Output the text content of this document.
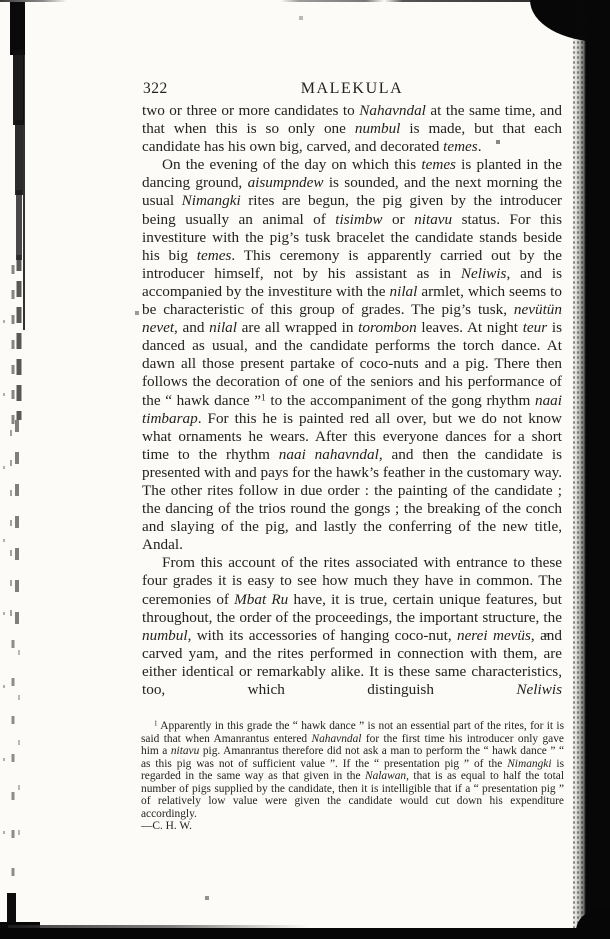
322	MALEKULA

two or three or more candidates to Nahavndal at the same time, and that when this is so only one numbul is made, but that each candidate has his own big, carved, and decorated temes.

On the evening of the day on which this temes is planted in the dancing ground, aisumpndew is sounded, and the next morning the usual Nimangki rites are begun, the pig given by the introducer being usually an animal of tisimbw or nitavu status. For this investiture with the pig’s tusk bracelet the candidate stands beside his big temes. This ceremony is apparently carried out by the introducer himself, not by his assistant as in Neliwis, and is accompanied by the investiture with the nilal armlet, which seems to be characteristic of this group of grades. The pig’s tusk, nevütün nevet, and nilal are all wrapped in torombon leaves. At night teur is danced as usual, and the candidate performs the torch dance. At dawn all those present partake of coco-nuts and a pig. There then follows the decoration of one of the seniors and his performance of the “ hawk dance ”$^1$ to the accompaniment of the gong rhythm naai timbarap. For this he is painted red all over, but we do not know what ornaments he wears. After this everyone dances for a short time to the rhythm naai nahavndal, and then the candidate is presented with and pays for the hawk’s feather in the customary way. The other rites follow in due order : the painting of the candidate ; the dancing of the trios round the gongs ; the breaking of the conch and slaying of the pig, and lastly the conferring of the new title, Andal.

From this account of the rites associated with entrance to these four grades it is easy to see how much they have in common. The ceremonies of Mbat Ru have, it is true, certain unique features, but throughout, the order of the proceedings, the important structure, the numbul, with its accessories of hanging coco-nut, nerei mevüs, and carved yam, and the rites performed in connection with them, are either identical or remarkably alike. It is these same characteristics, too, which distinguish Neliwis

$^1$ Apparently in this grade the “ hawk dance ” is not an essential part of the rites, for it is said that when Amanrantus entered Nahavndal for the first time his introducer only gave him a nitavu pig. Amanrantus therefore did not ask a man to perform the “ hawk dance ” “ as this pig was not of sufficient value ”. If the “ presentation pig ” of the Nimangki is regarded in the same way as that given in the Nalawan, that is as equal to half the total number of pigs supplied by the candidate, then it is intelligible that if a “ presentation pig ” of relatively low value were given the candidate would cut down his expenditure accordingly.
—C. H. W.
